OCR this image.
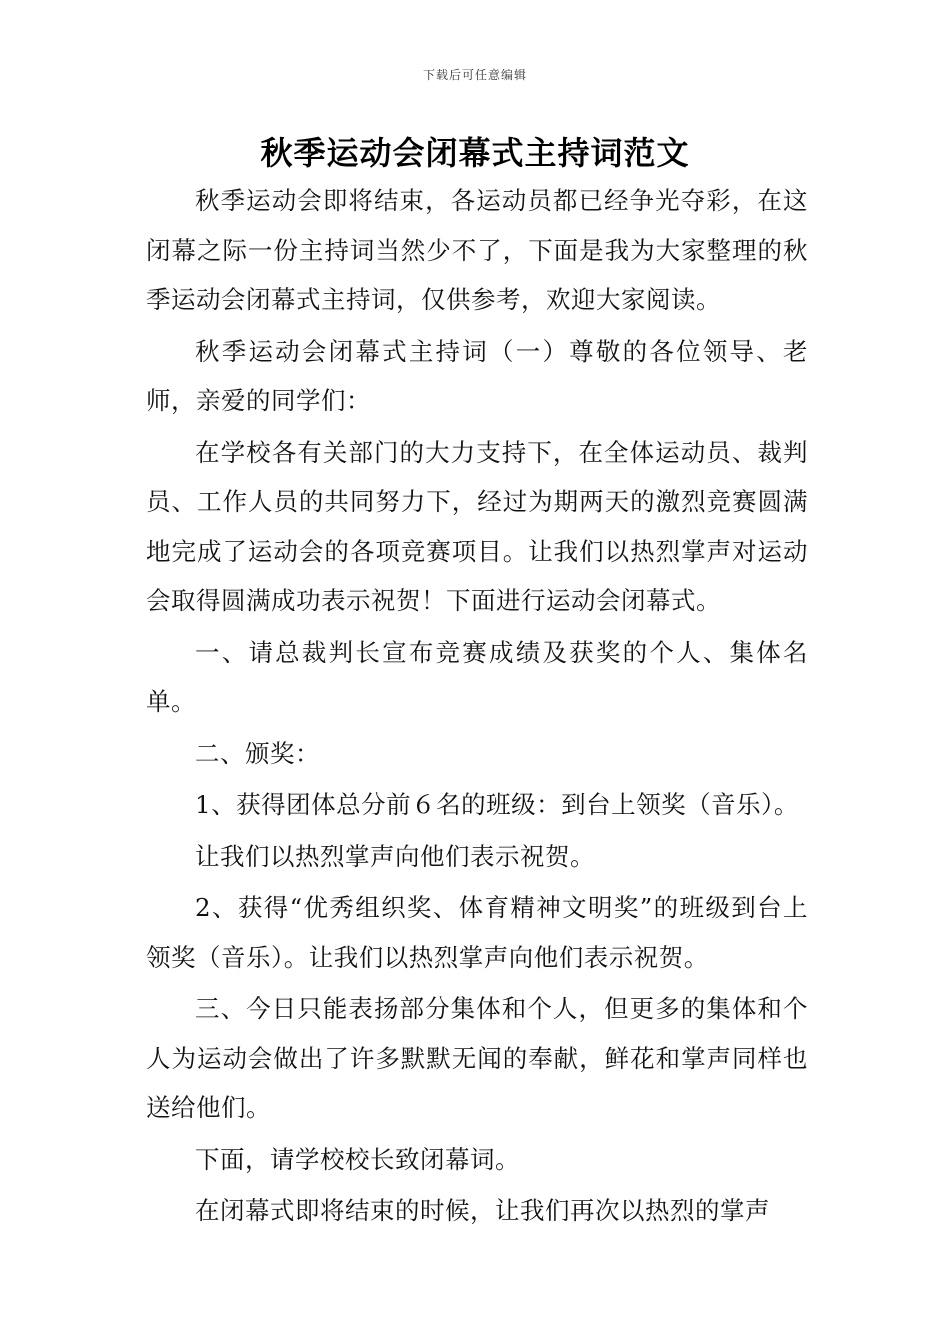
下载后可任意编辑
秋季运动会闭幕式主持词范文

秋季运动会即将结束，各运动员都已经争光夺彩，在这闭幕之际一份主持词当然少不了，下面是我为大家整理的秋季运动会闭幕式主持词，仅供参考，欢迎大家阅读。

秋季运动会闭幕式主持词（一）尊敬的各位领导、老师，亲爱的同学们：

在学校各有关部门的大力支持下，在全体运动员、裁判员、工作人员的共同努力下，经过为期两天的激烈竞赛圆满地完成了运动会的各项竞赛项目。让我们以热烈掌声对运动会取得圆满成功表示祝贺！下面进行运动会闭幕式。

一、请总裁判长宣布竞赛成绩及获奖的个人、集体名单。

二、颁奖：

1、获得团体总分前６名的班级：到台上领奖（音乐）。

让我们以热烈掌声向他们表示祝贺。

2、获得“优秀组织奖、体育精神文明奖”的班级到台上领奖（音乐）。让我们以热烈掌声向他们表示祝贺。

三、今日只能表扬部分集体和个人，但更多的集体和个人为运动会做出了许多默默无闻的奉献，鲜花和掌声同样也送给他们。

下面，请学校校长致闭幕词。

在闭幕式即将结束的时候，让我们再次以热烈的掌声
